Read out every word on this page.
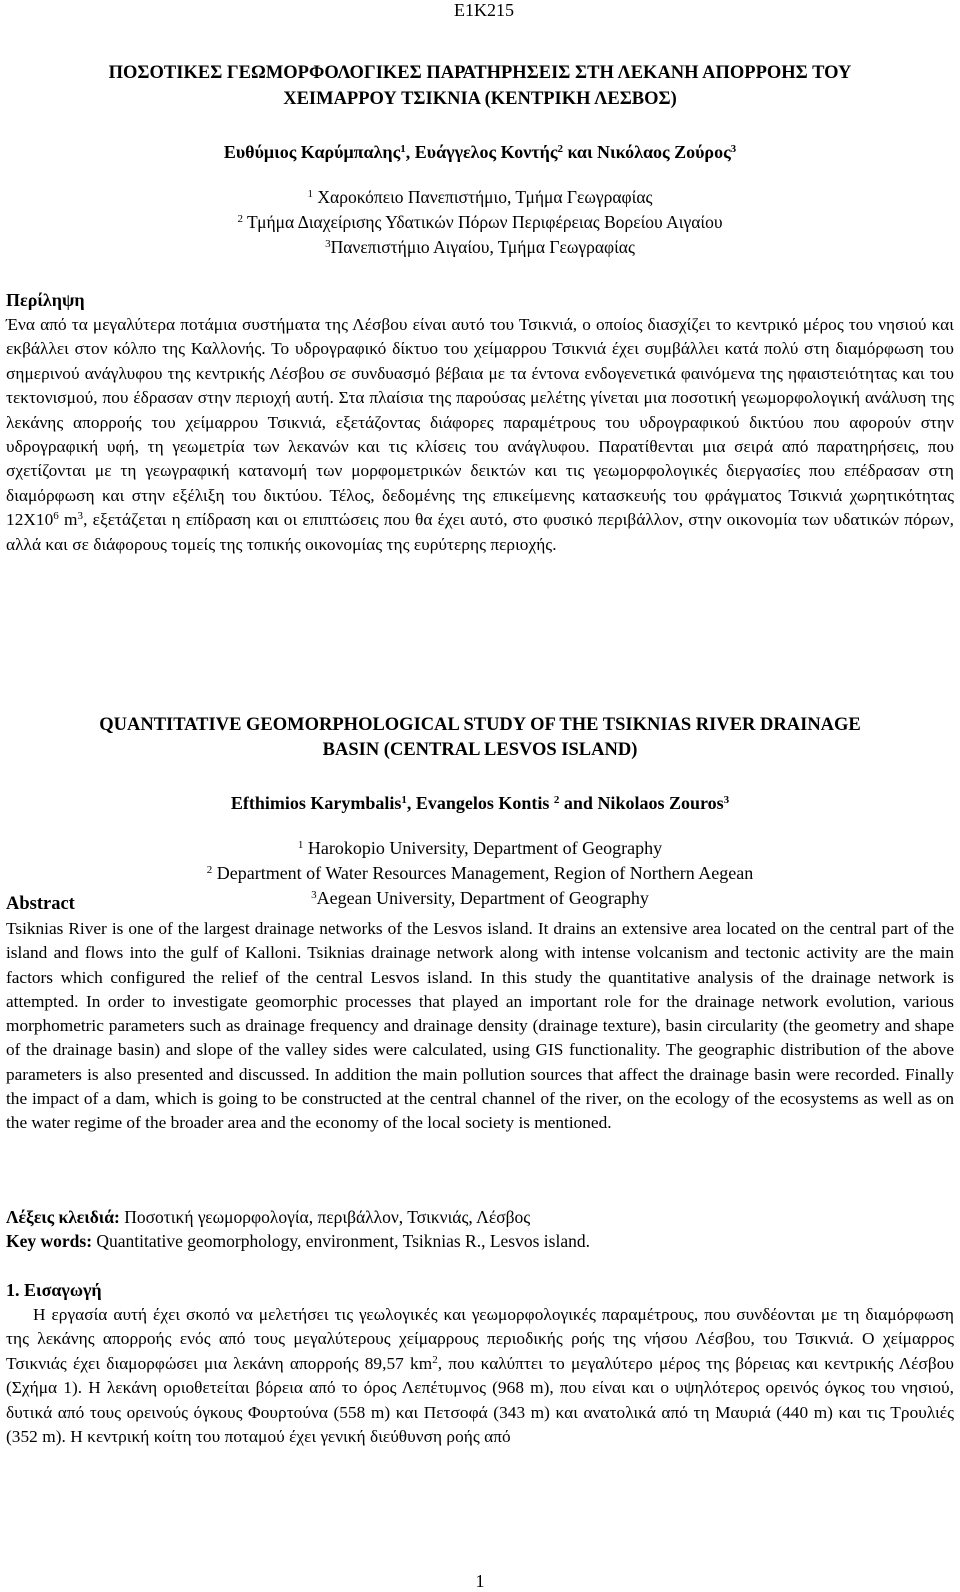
E1K215

ΠΟΣΟΤΙΚΕΣ ΓΕΩΜΟΡΦΟΛΟΓΙΚΕΣ ΠΑΡΑΤΗΡΗΣΕΙΣ ΣΤΗ ΛΕΚΑΝΗ ΑΠΟΡΡΟΗΣ ΤΟΥ

ΧΕΙΜΑΡΡΟΥ ΤΣΙΚΝΙΑ (ΚΕΝΤΡΙΚΗ ΛΕΣΒΟΣ)

Ευθύμιος Καρύμπαλης$^1$, Ευάγγελος Κοντής$^2$ και Νικόλαος Ζούρος$^3$
$^1$ Χαροκόπειο Πανεπιστήμιο, Τμήμα Γεωγραφίας
$^2$ Τμήμα Διαχείρισης Υδατικών Πόρων Περιφέρειας Βορείου Αιγαίου
$^3$Πανεπιστήμιο Αιγαίου, Τμήμα Γεωγραφίας
Περίληψη

Ένα από τα μεγαλύτερα ποτάμια συστήματα της Λέσβου είναι αυτό του Τσικνιά, ο οποίος διασχίζει το κεντρικό μέρος του νησιού και εκβάλλει στον κόλπο της Καλλονής. Το υδρογραφικό δίκτυο του χείμαρρου Τσικνιά έχει συμβάλλει κατά πολύ στη διαμόρφωση του σημερινού ανάγλυφου της κεντρικής Λέσβου σε συνδυασμό βέβαια με τα έντονα ενδογενετικά φαινόμενα της ηφαιστειότητας και του τεκτονισμού, που έδρασαν στην περιοχή αυτή. Στα πλαίσια της παρούσας μελέτης γίνεται μια ποσοτική γεωμορφολογική ανάλυση της λεκάνης απορροής του χείμαρρου Τσικνιά, εξετάζοντας διάφορες παραμέτρους του υδρογραφικού δικτύου που αφορούν στην υδρογραφική υφή, τη γεωμετρία των λεκανών και τις κλίσεις του ανάγλυφου. Παρατίθενται μια σειρά από παρατηρήσεις, που σχετίζονται με τη γεωγραφική κατανομή των μορφομετρικών δεικτών και τις γεωμορφολογικές διεργασίες που επέδρασαν στη διαμόρφωση και στην εξέλιξη του δικτύου. Τέλος, δεδομένης της επικείμενης κατασκευής του φράγματος Τσικνιά χωρητικότητας $12X10^6$ $m^3$, εξετάζεται η επίδραση και οι επιπτώσεις που θα έχει αυτό, στο φυσικό περιβάλλον, στην οικονομία των υδατικών πόρων, αλλά και σε διάφορους τομείς της τοπικής οικονομίας της ευρύτερης περιοχής.

QUANTITATIVE GEOMORPHOLOGICAL STUDY OF THE TSIKNIAS RIVER DRAINAGE

BASIN (CENTRAL LESVOS ISLAND)

Efthimios Karymbalis$^1$, Evangelos Kontis $^2$ and Nikolaos Zouros$^3$
$^1$ Harokopio University, Department of Geography
$^2$ Department of Water Resources Management, Region of Northern Aegean
$^3$Aegean University, Department of Geography
Abstract

Tsiknias River is one of the largest drainage networks of the Lesvos island. It drains an extensive area located on the central part of the island and flows into the gulf of Kalloni. Tsiknias drainage network along with intense volcanism and tectonic activity are the main factors which configured the relief of the central Lesvos island. In this study the quantitative analysis of the drainage network is attempted. In order to investigate geomorphic processes that played an important role for the drainage network evolution, various morphometric parameters such as drainage frequency and drainage density (drainage texture), basin circularity (the geometry and shape of the drainage basin) and slope of the valley sides were calculated, using GIS functionality. The geographic distribution of the above parameters is also presented and discussed. In addition the main pollution sources that affect the drainage basin were recorded. Finally the impact of a dam, which is going to be constructed at the central channel of the river, on the ecology of the ecosystems as well as on the water regime of the broader area and the economy of the local society is mentioned.

Λέξεις κλειδιά: Ποσοτική γεωμορφολογία, περιβάλλον, Τσικνιάς, Λέσβος
Key words: Quantitative geomorphology, environment, Tsiknias R., Lesvos island.
1. Εισαγωγή

Η εργασία αυτή έχει σκοπό να μελετήσει τις γεωλογικές και γεωμορφολογικές παραμέτρους, που συνδέονται με τη διαμόρφωση της λεκάνης απορροής ενός από τους μεγαλύτερους χείμαρρους περιοδικής ροής της νήσου Λέσβου, του Τσικνιά. Ο χείμαρρος Τσικνιάς έχει διαμορφώσει μια λεκάνη απορροής 89,57 $km^2$, που καλύπτει το μεγαλύτερο μέρος της βόρειας και κεντρικής Λέσβου (Σχήμα 1). Η λεκάνη οριοθετείται βόρεια από το όρος Λεπέτυμνος (968 m), που είναι και ο υψηλότερος ορεινός όγκος του νησιού, δυτικά από τους ορεινούς όγκους Φουρτούνα (558 m) και Πετσοφά (343 m) και ανατολικά από τη Μαυριά (440 m) και τις Τρουλιές (352 m). Η κεντρική κοίτη του ποταμού έχει γενική διεύθυνση ροής από

1
